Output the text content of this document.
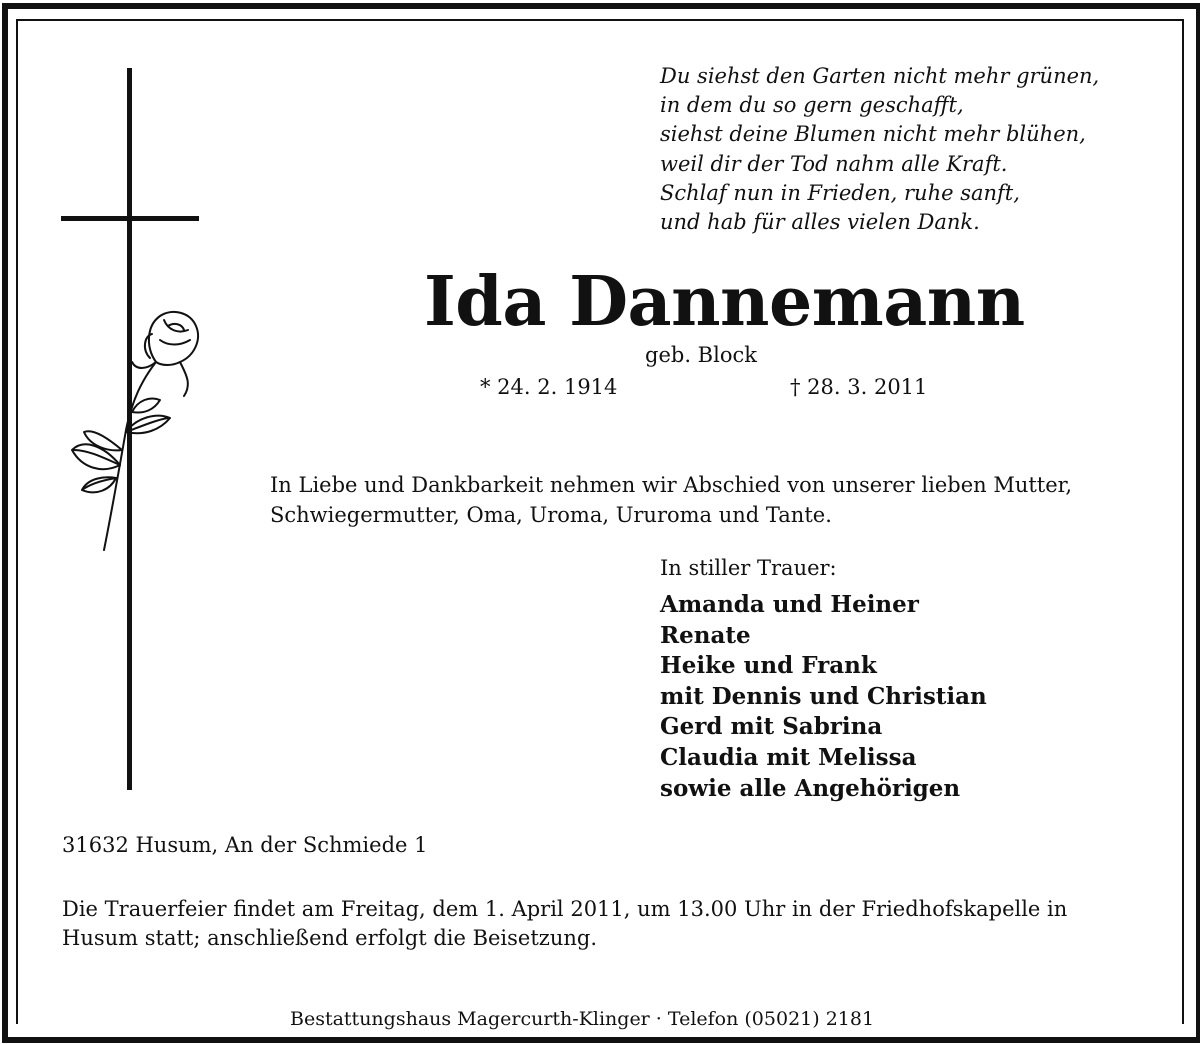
Du siehst den Garten nicht mehr grünen,
in dem du so gern geschafft,
siehst deine Blumen nicht mehr blühen,
weil dir der Tod nahm alle Kraft.
Schlaf nun in Frieden, ruhe sanft,
und hab für alles vielen Dank.
Ida Dannemann
geb. Block
* 24. 2. 1914	† 28. 3. 2011
In Liebe und Dankbarkeit nehmen wir Abschied von unserer lieben Mutter,
Schwiegermutter, Oma, Uroma, Ururoma und Tante.
In stiller Trauer:
Amanda und Heiner
Renate
Heike und Frank
mit Dennis und Christian
Gerd mit Sabrina
Claudia mit Melissa
sowie alle Angehörigen
31632 Husum, An der Schmiede 1
Die Trauerfeier findet am Freitag, dem 1. April 2011, um 13.00 Uhr in der Friedhofskapelle in
Husum statt; anschließend erfolgt die Beisetzung.
Bestattungshaus Magercurth-Klinger · Telefon (05021) 2181
